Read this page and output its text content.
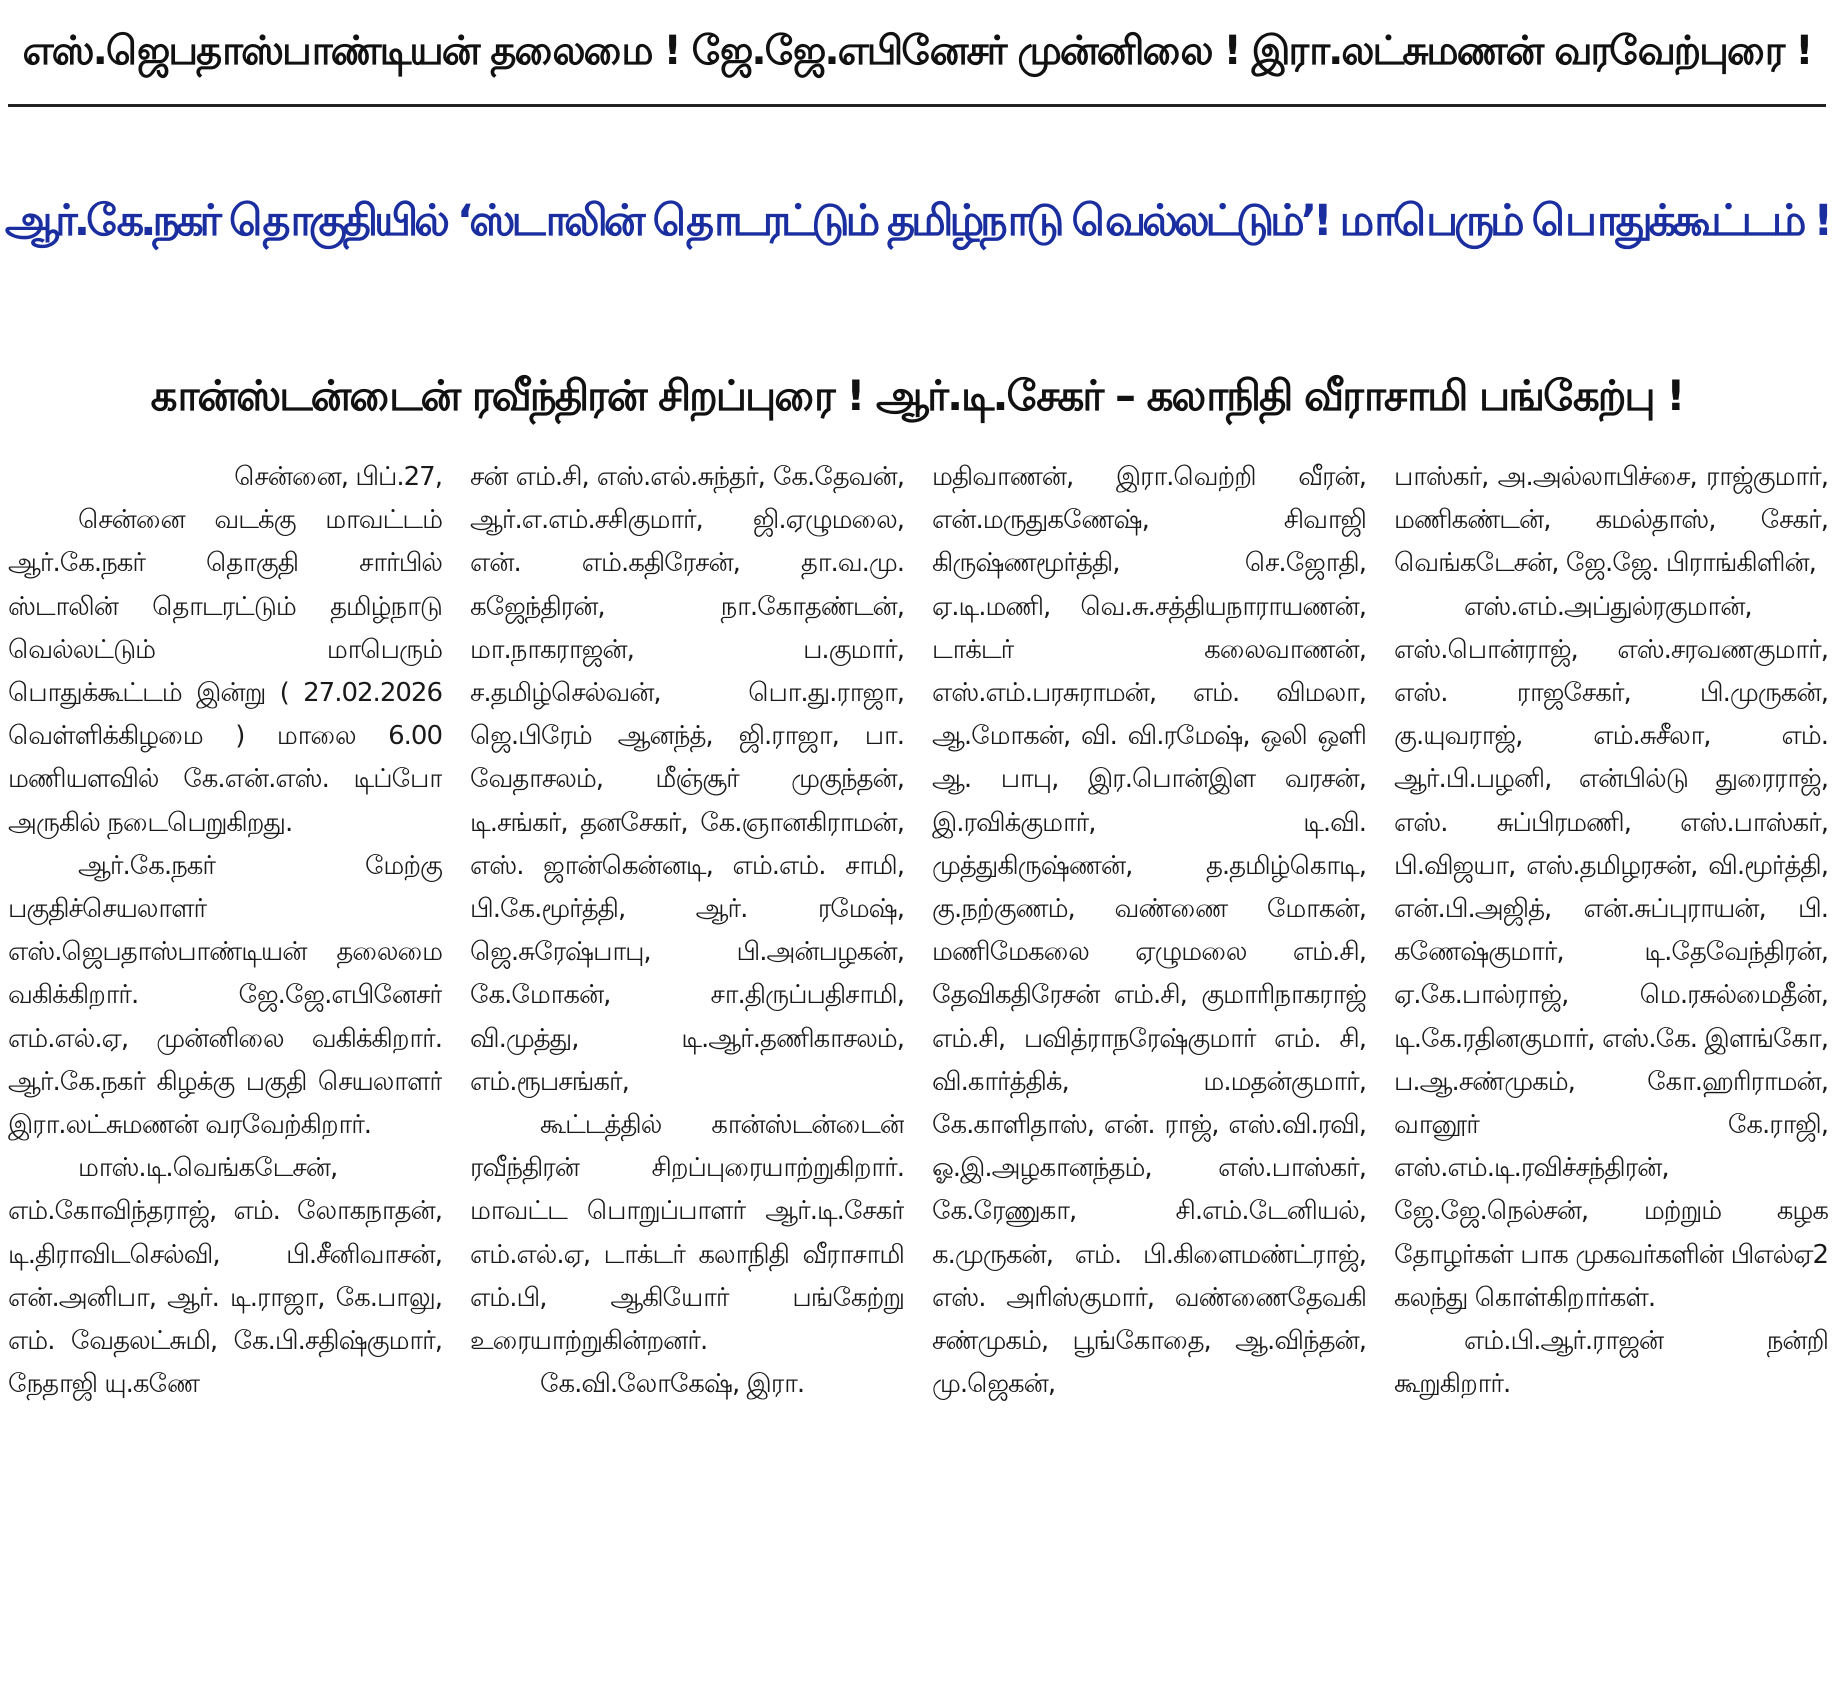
எஸ்.ஜெபதாஸ்பாண்டியன் தலைமை ! ஜே.ஜே.எபினேசர் முன்னிலை ! இரா.லட்சுமணன் வரவேற்புரை !
ஆர்.கே.நகர் தொகுதியில் ‘ஸ்டாலின் தொடரட்டும் தமிழ்நாடு வெல்லட்டும்’! மாபெரும் பொதுக்கூட்டம் !
கான்ஸ்டன்டைன் ரவீந்திரன் சிறப்புரை ! ஆர்.டி.சேகர் – கலாநிதி வீராசாமி பங்கேற்பு !

சென்னை, பிப்.27,

சென்னை வடக்கு மாவட்டம் ஆர்.கே.நகர் தொகுதி சார்பில் ஸ்டாலின் தொடரட்டும் தமிழ்நாடு வெல்லட்டும் மாபெரும் பொதுக்கூட்டம் இன்று ( 27.02.2026 வெள்ளிக்கிழமை ) மாலை 6.00 மணியளவில் கே.என்.எஸ். டிப்போ அருகில் நடைபெறுகிறது.

ஆர்.கே.நகர் மேற்கு பகுதிச்செயலாளர் எஸ்.ஜெபதாஸ்பாண்டியன் தலைமை வகிக்கிறார். ஜே.ஜே.எபினேசர் எம்.எல்.ஏ, முன்னிலை வகிக்கிறார். ஆர்.கே.நகர் கிழக்கு பகுதி செயலாளர் இரா.லட்சுமணன் வரவேற்கிறார்.

மாஸ்.டி.வெங்கடேசன், எம்.கோவிந்தராஜ், எம். லோகநாதன், டி.திராவிடசெல்வி, பி.சீனிவாசன், என்.அனிபா, ஆர். டி.ராஜா, கே.பாலு, எம். வேதலட்சுமி, கே.பி.சதிஷ்குமார், நேதாஜி யு.கணே

சன் எம்.சி, எஸ்.எல்.சுந்தர், கே.தேவன், ஆர்.எ.எம்.சசிகுமார், ஜி.ஏழுமலை, என். எம்.கதிரேசன், தா.வ.மு. கஜேந்திரன், நா.கோதண்டன், மா.நாகராஜன், ப.குமார், ச.தமிழ்செல்வன், பொ.து.ராஜா, ஜெ.பிரேம் ஆனந்த், ஜி.ராஜா, பா. வேதாசலம், மீஞ்சூர் முகுந்தன், டி.சங்கர், தனசேகர், கே.ஞானகிராமன், எஸ். ஜான்கென்னடி, எம்.எம். சாமி, பி.கே.மூர்த்தி, ஆர். ரமேஷ், ஜெ.சுரேஷ்பாபு, பி.அன்பழகன், கே.மோகன், சா.திருப்பதிசாமி, வி.முத்து, டி.ஆர்.தணிகாசலம், எம்.ரூபசங்கர்,

கூட்டத்தில் கான்ஸ்டன்டைன் ரவீந்திரன் சிறப்புரையாற்றுகிறார். மாவட்ட பொறுப்பாளர் ஆர்.டி.சேகர் எம்.எல்.ஏ, டாக்டர் கலாநிதி வீராசாமி எம்.பி, ஆகியோர் பங்கேற்று உரையாற்றுகின்றனர்.

கே.வி.லோகேஷ், இரா.

மதிவாணன், இரா.வெற்றி வீரன், என்.மருதுகணேஷ், சிவாஜி கிருஷ்ணமூர்த்தி, செ.ஜோதி, ஏ.டி.மணி, வெ.சு.சத்தியநாராயணன், டாக்டர் கலைவாணன், எஸ்.எம்.பரசுராமன், எம். விமலா, ஆ.மோகன், வி. வி.ரமேஷ், ஒலி ஒளி ஆ. பாபு, இர.பொன்இள வரசன், இ.ரவிக்குமார், டி.வி. முத்துகிருஷ்ணன், த.தமிழ்கொடி, கு.நற்குணம், வண்ணை மோகன், மணிமேகலை ஏழுமலை எம்.சி, தேவிகதிரேசன் எம்.சி, குமாரிநாகராஜ் எம்.சி, பவித்ராநரேஷ்குமார் எம். சி, வி.கார்த்திக், ம.மதன்குமார், கே.காளிதாஸ், என். ராஜ், எஸ்.வி.ரவி, ஓ.இ.அழகானந்தம், எஸ்.பாஸ்கர், கே.ரேணுகா, சி.எம்.டேனியல், க.முருகன், எம். பி.கிளைமண்ட்ராஜ், எஸ். அரிஸ்குமார், வண்ணைதேவகி சண்முகம், பூங்கோதை, ஆ.விந்தன், மு.ஜெகன்,

பாஸ்கர், அ.அல்லாபிச்சை, ராஜ்குமார், மணிகண்டன், கமல்தாஸ், சேகர், வெங்கடேசன், ஜே.ஜே. பிராங்கிளின்,

எஸ்.எம்.அப்துல்ரகுமான், எஸ்.பொன்ராஜ், எஸ்.சரவணகுமார், எஸ். ராஜசேகர், பி.முருகன், கு.யுவராஜ், எம்.சுசீலா, எம். ஆர்.பி.பழனி, என்பில்டு துரைராஜ், எஸ். சுப்பிரமணி, எஸ்.பாஸ்கர், பி.விஜயா, எஸ்.தமிழரசன், வி.மூர்த்தி, என்.பி.அஜித், என்.சுப்புராயன், பி. கணேஷ்குமார், டி.தேவேந்திரன், ஏ.கே.பால்ராஜ், மெ.ரசுல்மைதீன், டி.கே.ரதினகுமார், எஸ்.கே. இளங்கோ, ப.ஆ.சண்முகம், கோ.ஹரிராமன், வானூர் கே.ராஜி, எஸ்.எம்.டி.ரவிச்சந்திரன், ஜே.ஜே.நெல்சன், மற்றும் கழக தோழர்கள் பாக முகவர்களின் பிஎல்ஏ2 கலந்து கொள்கிறார்கள்.

எம்.பி.ஆர்.ராஜன் நன்றி கூறுகிறார்.
